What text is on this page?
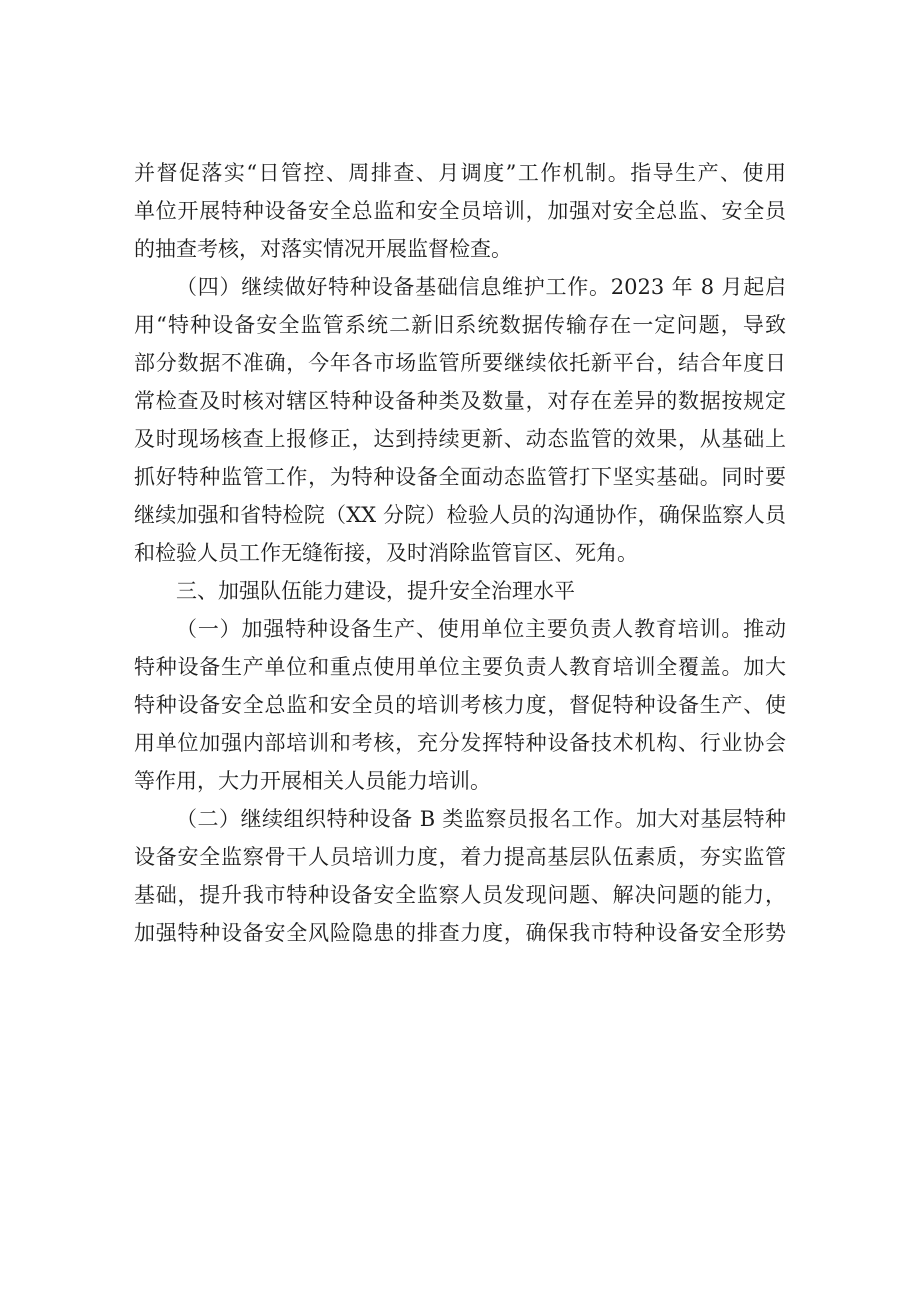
并督促落实“日管控、周排查、月调度”工作机制。指导生产、使用
单位开展特种设备安全总监和安全员培训，加强对安全总监、安全员
的抽查考核，对落实情况开展监督检查。
（四）继续做好特种设备基础信息维护工作。2023 年 8 月起启
用“特种设备安全监管系统二新旧系统数据传输存在一定问题，导致
部分数据不准确，今年各市场监管所要继续依托新平台，结合年度日
常检查及时核对辖区特种设备种类及数量，对存在差异的数据按规定
及时现场核查上报修正，达到持续更新、动态监管的效果，从基础上
抓好特种监管工作，为特种设备全面动态监管打下坚实基础。同时要
继续加强和省特检院（XX 分院）检验人员的沟通协作，确保监察人员
和检验人员工作无缝衔接，及时消除监管盲区、死角。
三、加强队伍能力建设，提升安全治理水平
（一）加强特种设备生产、使用单位主要负责人教育培训。推动
特种设备生产单位和重点使用单位主要负责人教育培训全覆盖。加大
特种设备安全总监和安全员的培训考核力度，督促特种设备生产、使
用单位加强内部培训和考核，充分发挥特种设备技术机构、行业协会
等作用，大力开展相关人员能力培训。
（二）继续组织特种设备 B 类监察员报名工作。加大对基层特种
设备安全监察骨干人员培训力度，着力提高基层队伍素质，夯实监管
基础，提升我市特种设备安全监察人员发现问题、解决问题的能力，
加强特种设备安全风险隐患的排查力度，确保我市特种设备安全形势
